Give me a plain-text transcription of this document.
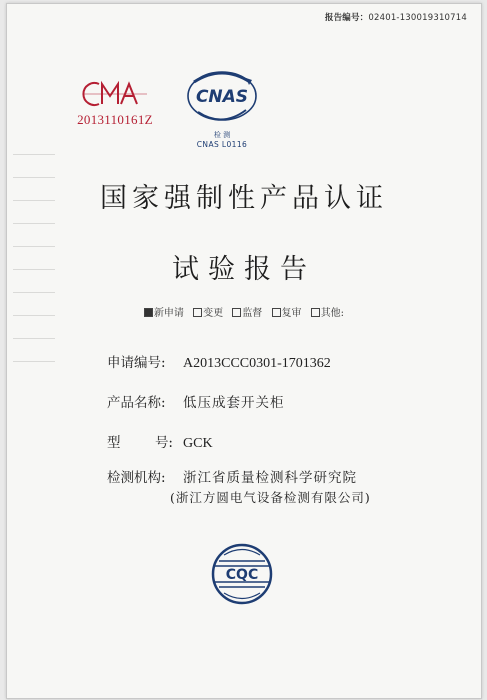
报告编号：02401-130019310714
2013110161Z
CNAS
检 测
CNAS L0116
国家强制性产品认证
试验报告
新申请 变更 监督 复审 其他:
申请编号: A2013CCC0301-1701362
产品名称: 低压成套开关柜
型	号: GCK
检测机构: 浙江省质量检测科学研究院
(浙江方圆电气设备检测有限公司)
CQC
